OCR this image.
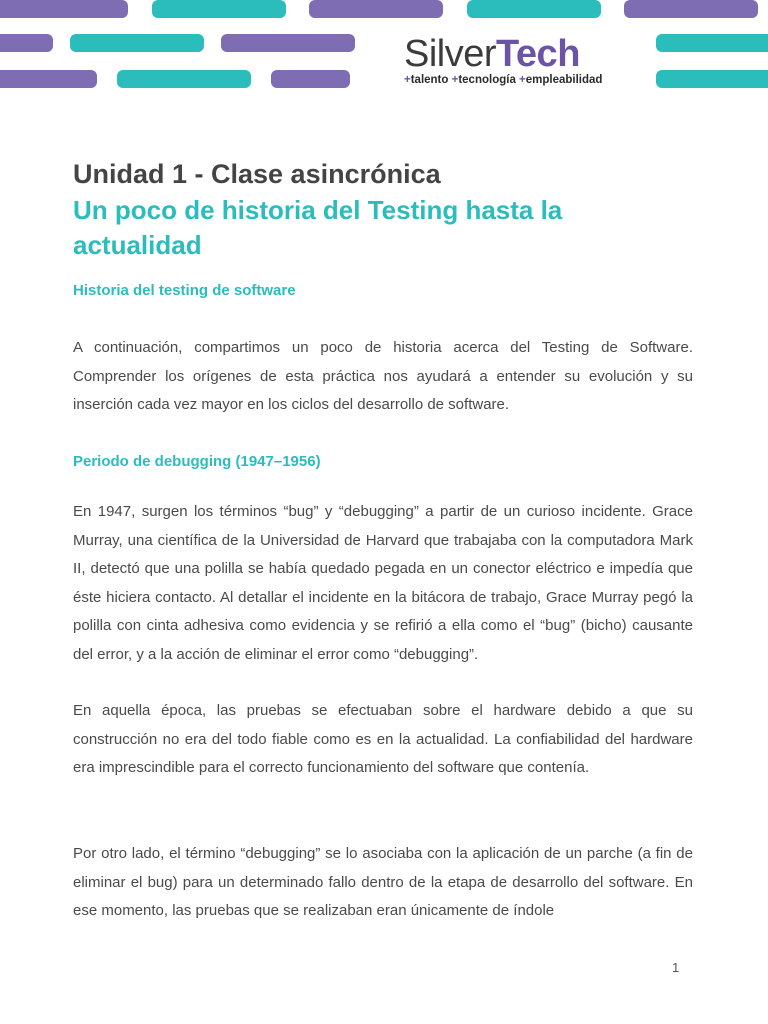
SilverTech
+talento +tecnología +empleabilidad
Unidad 1 - Clase asincrónica
Un poco de historia del Testing hasta la actualidad
Historia del testing de software

A continuación, compartimos un poco de historia acerca del Testing de Software. Comprender los orígenes de esta práctica nos ayudará a entender su evolución y su inserción cada vez mayor en los ciclos del desarrollo de software.

Periodo de debugging (1947–1956)

En 1947, surgen los términos “bug” y “debugging” a partir de un curioso incidente. Grace Murray, una científica de la Universidad de Harvard que trabajaba con la computadora Mark II, detectó que una polilla se había quedado pegada en un conector eléctrico e impedía que éste hiciera contacto. Al detallar el incidente en la bitácora de trabajo, Grace Murray pegó la polilla con cinta adhesiva como evidencia y se refirió a ella como el “bug” (bicho) causante del error, y a la acción de eliminar el error como “debugging”.

En aquella época, las pruebas se efectuaban sobre el hardware debido a que su construcción no era del todo fiable como es en la actualidad. La confiabilidad del hardware era imprescindible para el correcto funcionamiento del software que contenía.

Por otro lado, el término “debugging” se lo asociaba con la aplicación de un parche (a fin de eliminar el bug) para un determinado fallo dentro de la etapa de desarrollo del software. En ese momento, las pruebas que se realizaban eran únicamente de índole

1
